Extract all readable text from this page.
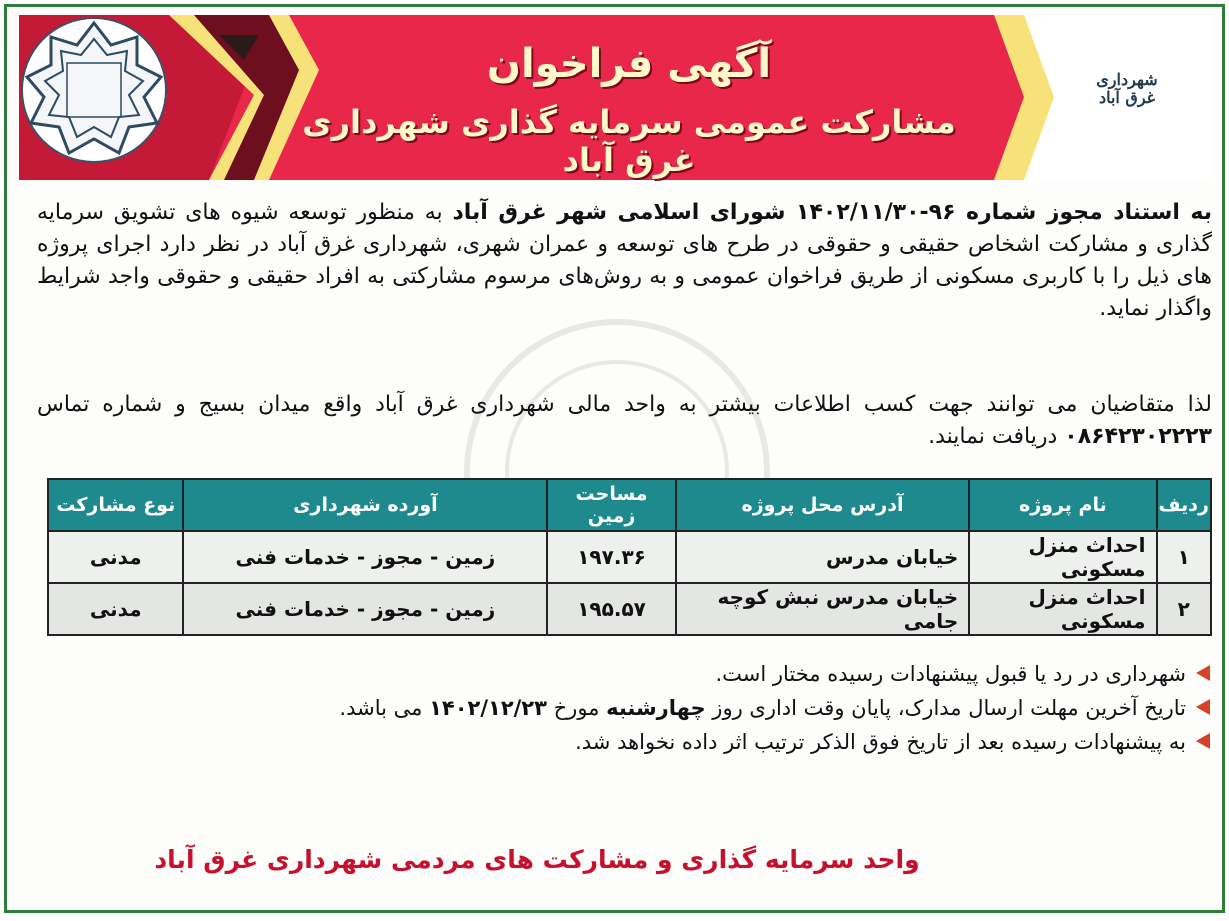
آگهی فراخوان

مشارکت عمومی سرمایه گذاری شهرداری غرق آباد

شهرداری غرق آباد

به استناد مجوز شماره ۹۶-۱۴۰۲/۱۱/۳۰ شورای اسلامی شهر غرق آباد به منظور توسعه شیوه های تشویق سرمایه گذاری و مشارکت اشخاص حقیقی و حقوقی در طرح های توسعه و عمران شهری، شهرداری غرق آباد در نظر دارد اجرای پروژه های ذیل را با کاربری مسکونی از طریق فراخوان عمومی و به روش‌های مرسوم مشارکتی به افراد حقیقی و حقوقی واجد شرایط واگذار نماید.

لذا متقاضیان می توانند جهت کسب اطلاعات بیشتر به واحد مالی شهرداری غرق آباد واقع میدان بسیج و شماره تماس ۰۸۶۴۲۳۰۲۲۲۳ دریافت نمایند.

ردیف	نام پروژه	آدرس محل پروژه	مساحت زمین	آورده شهرداری	نوع مشارکت
۱	احداث منزل مسکونی	خیابان مدرس	۱۹۷.۳۶	زمین - مجوز - خدمات فنی	مدنی
۲	احداث منزل مسکونی	خیابان مدرس نبش کوچه جامی	۱۹۵.۵۷	زمین - مجوز - خدمات فنی	مدنی
شهرداری در رد یا قبول پیشنهادات رسیده مختار است.
تاریخ آخرین مهلت ارسال مدارک، پایان وقت اداری روز چهارشنبه مورخ ۱۴۰۲/۱۲/۲۳ می باشد.
به پیشنهادات رسیده بعد از تاریخ فوق الذکر ترتیب اثر داده نخواهد شد.

واحد سرمایه گذاری و مشارکت های مردمی شهرداری غرق آباد
